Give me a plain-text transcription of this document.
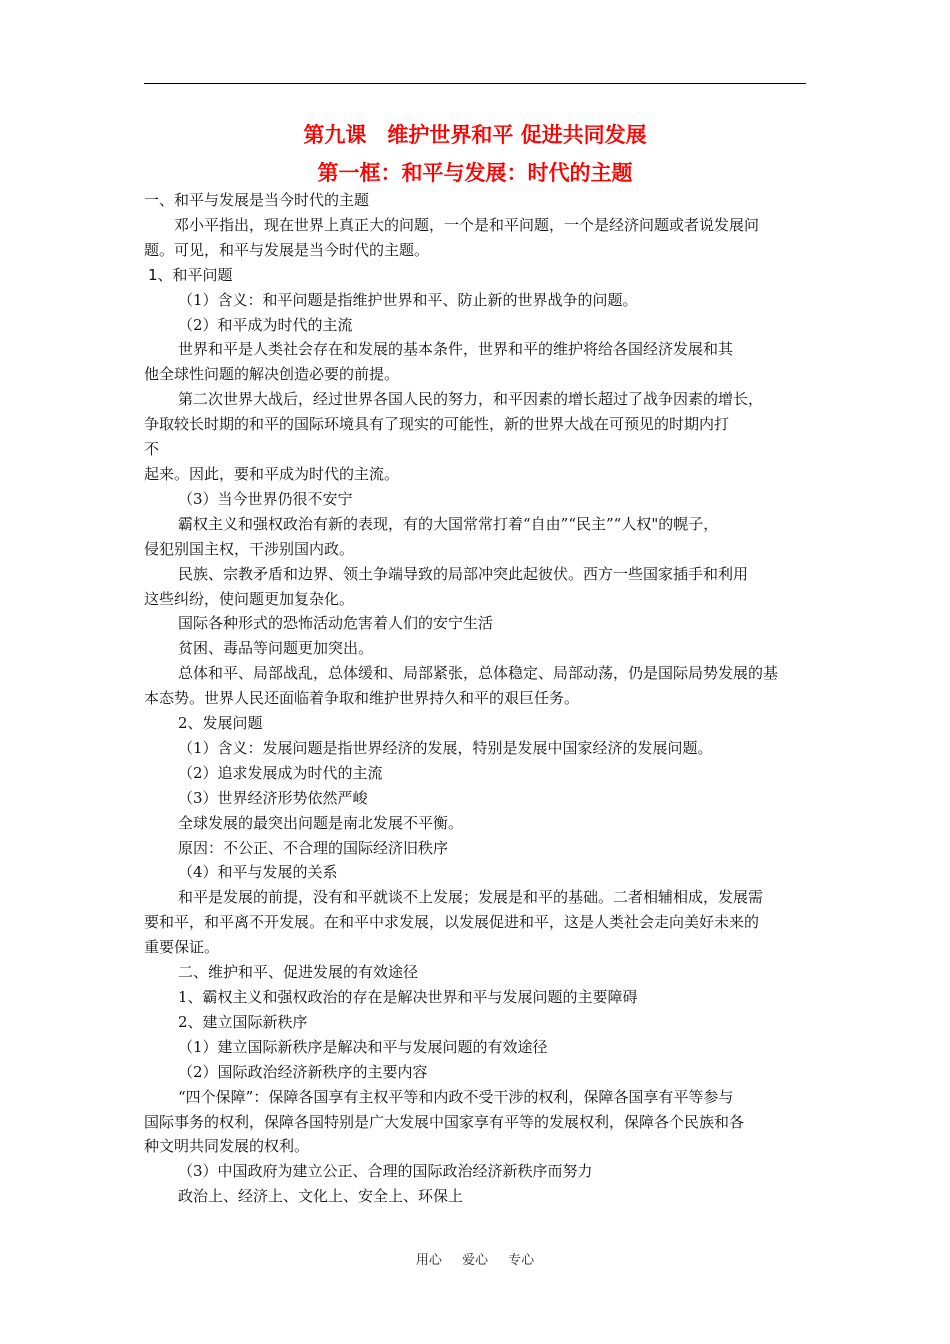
第九课　维护世界和平 促进共同发展
第一框：和平与发展：时代的主题

一、和平与发展是当今时代的主题

邓小平指出，现在世界上真正大的问题，一个是和平问题，一个是经济问题或者说发展问

题。可见，和平与发展是当今时代的主题。

1、和平问题

（1）含义：和平问题是指维护世界和平、防止新的世界战争的问题。

（2）和平成为时代的主流

世界和平是人类社会存在和发展的基本条件，世界和平的维护将给各国经济发展和其

他全球性问题的解决创造必要的前提。

第二次世界大战后，经过世界各国人民的努力，和平因素的增长超过了战争因素的增长，

争取较长时期的和平的国际环境具有了现实的可能性，新的世界大战在可预见的时期内打

不

起来。因此，要和平成为时代的主流。

（3）当今世界仍很不安宁

霸权主义和强权政治有新的表现，有的大国常常打着“自由”“民主”“人权"的幌子，

侵犯别国主权，干涉别国内政。

民族、宗教矛盾和边界、领土争端导致的局部冲突此起彼伏。西方一些国家插手和利用

这些纠纷，使问题更加复杂化。

国际各种形式的恐怖活动危害着人们的安宁生活

贫困、毒品等问题更加突出。

总体和平、局部战乱，总体缓和、局部紧张，总体稳定、局部动荡，仍是国际局势发展的基

本态势。世界人民还面临着争取和维护世界持久和平的艰巨任务。

2、发展问题

（1）含义：发展问题是指世界经济的发展，特别是发展中国家经济的发展问题。

（2）追求发展成为时代的主流

（3）世界经济形势依然严峻

全球发展的最突出问题是南北发展不平衡。

原因：不公正、不合理的国际经济旧秩序

（4）和平与发展的关系

和平是发展的前提，没有和平就谈不上发展；发展是和平的基础。二者相辅相成，发展需

要和平，和平离不开发展。在和平中求发展，以发展促进和平，这是人类社会走向美好未来的

重要保证。

二、维护和平、促进发展的有效途径

1、霸权主义和强权政治的存在是解决世界和平与发展问题的主要障碍

2、建立国际新秩序

（1）建立国际新秩序是解决和平与发展问题的有效途径

（2）国际政治经济新秩序的主要内容

“四个保障”：保障各国享有主权平等和内政不受干涉的权利，保障各国享有平等参与

国际事务的权利，保障各国特别是广大发展中国家享有平等的发展权利，保障各个民族和各

种文明共同发展的权利。

（3）中国政府为建立公正、合理的国际政治经济新秩序而努力

政治上、经济上、文化上、安全上、环保上

用心 爱心 专心
